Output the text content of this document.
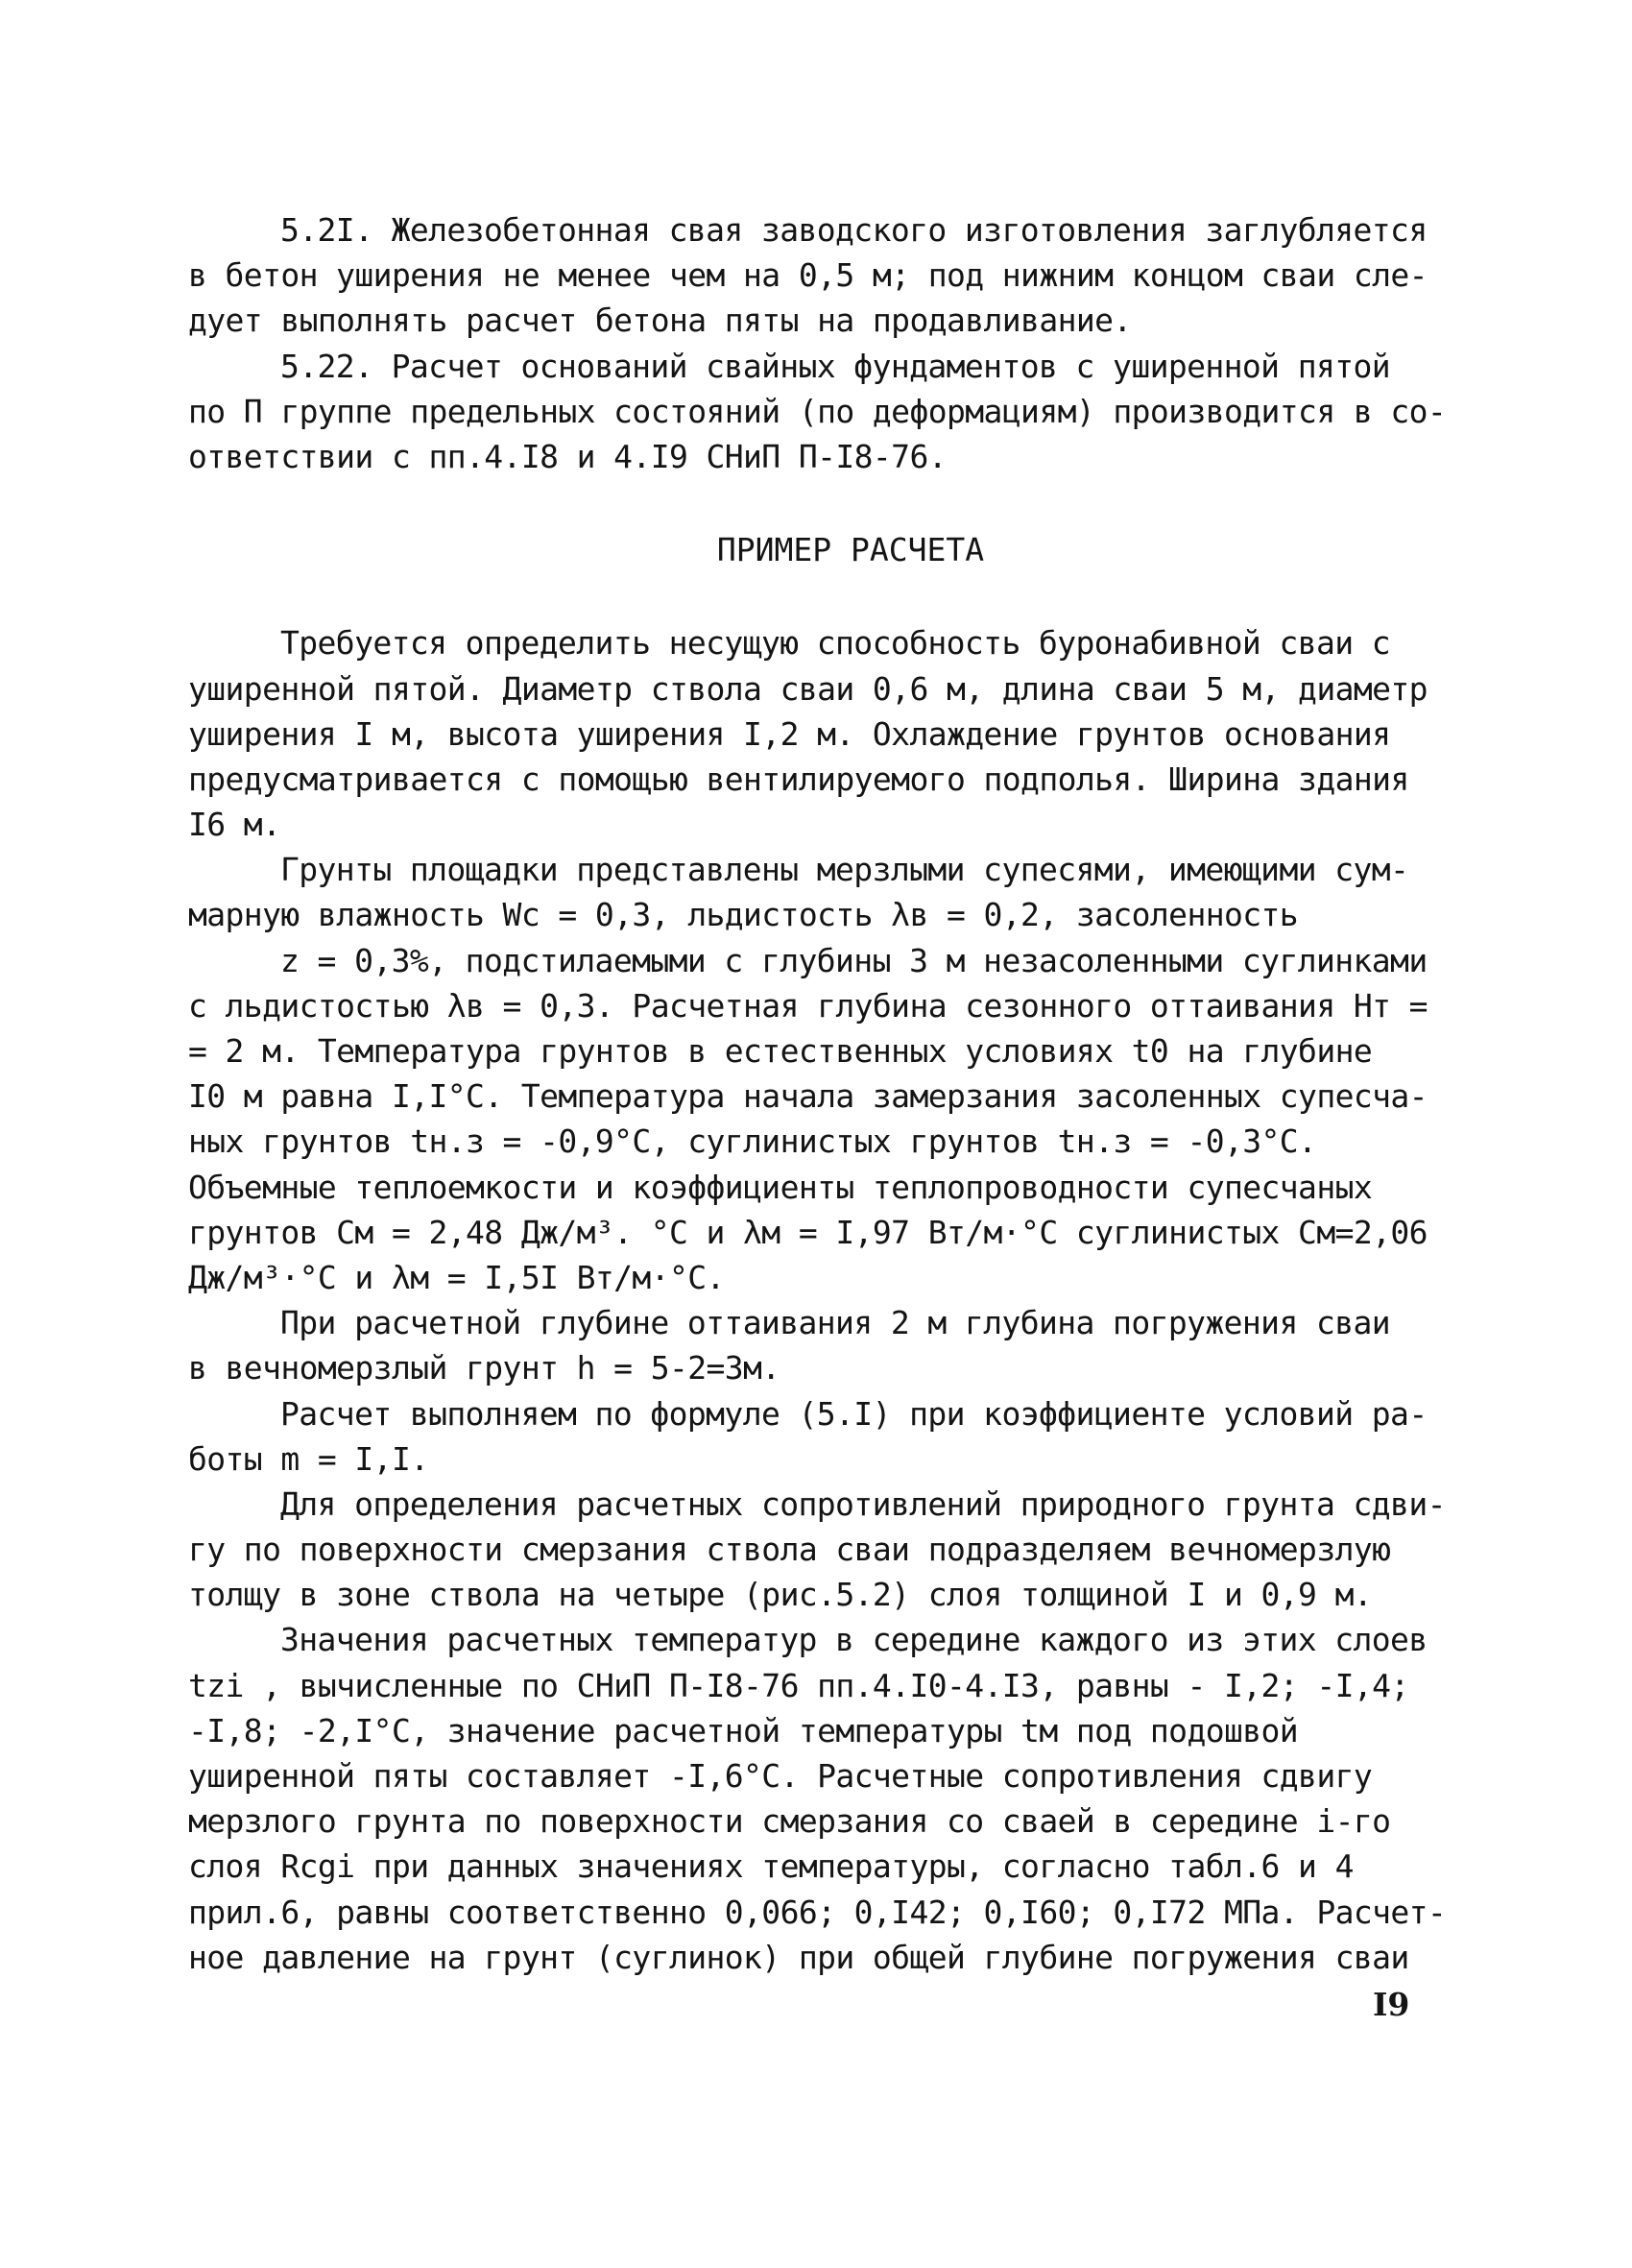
5.2I. Железобетонная свая заводского изготовления заглубляется
в бетон уширения не менее чем на 0,5 м; под нижним концом сваи сле-
дует выполнять расчет бетона пяты на продавливание.
5.22. Расчет оснований свайных фундаментов с уширенной пятой
по П группе предельных состояний (по деформациям) производится в со-
ответствии с пп.4.I8 и 4.I9 СНиП П-I8-76.
ПРИМЕР РАСЧЕТА
Требуется определить несущую способность буронабивной сваи с
уширенной пятой. Диаметр ствола сваи 0,6 м, длина сваи 5 м, диаметр
уширения I м, высота уширения I,2 м. Охлаждение грунтов основания
предусматривается с помощью вентилируемого подполья. Ширина здания
I6 м.
Грунты площадки представлены мерзлыми супесями, имеющими сум-
марную влажность Wc = 0,3, льдистость λв = 0,2, засоленность
z = 0,3%, подстилаемыми с глубины 3 м незасоленными суглинками
с льдистостью λв = 0,3. Расчетная глубина сезонного оттаивания Hт =
= 2 м. Температура грунтов в естественных условиях t0 на глубине
I0 м равна I,I°С. Температура начала замерзания засоленных супесча-
ных грунтов tн.з = -0,9°С, суглинистых грунтов tн.з = -0,3°С.
Объемные теплоемкости и коэффициенты теплопроводности супесчаных
грунтов См = 2,48 Дж/м³. °С и λм = I,97 Вт/м·°С суглинистых См=2,06
Дж/м³·°С и λм = I,5I Вт/м·°С.
При расчетной глубине оттаивания 2 м глубина погружения сваи
в вечномерзлый грунт h = 5-2=3м.
Расчет выполняем по формуле (5.I) при коэффициенте условий ра-
боты m = I,I.
Для определения расчетных сопротивлений природного грунта сдви-
гу по поверхности смерзания ствола сваи подразделяем вечномерзлую
толщу в зоне ствола на четыре (рис.5.2) слоя толщиной I и 0,9 м.
Значения расчетных температур в середине каждого из этих слоев
tzi , вычисленные по СНиП П-I8-76 пп.4.I0-4.I3, равны - I,2; -I,4;
-I,8; -2,I°С, значение расчетной температуры tм под подошвой
уширенной пяты составляет -I,6°С. Расчетные сопротивления сдвигу
мерзлого грунта по поверхности смерзания со сваей в середине i-го
слоя Rcgi при данных значениях температуры, согласно табл.6 и 4
прил.6, равны соответственно 0,066; 0,I42; 0,I60; 0,I72 МПа. Расчет-
ное давление на грунт (суглинок) при общей глубине погружения сваи
I9
